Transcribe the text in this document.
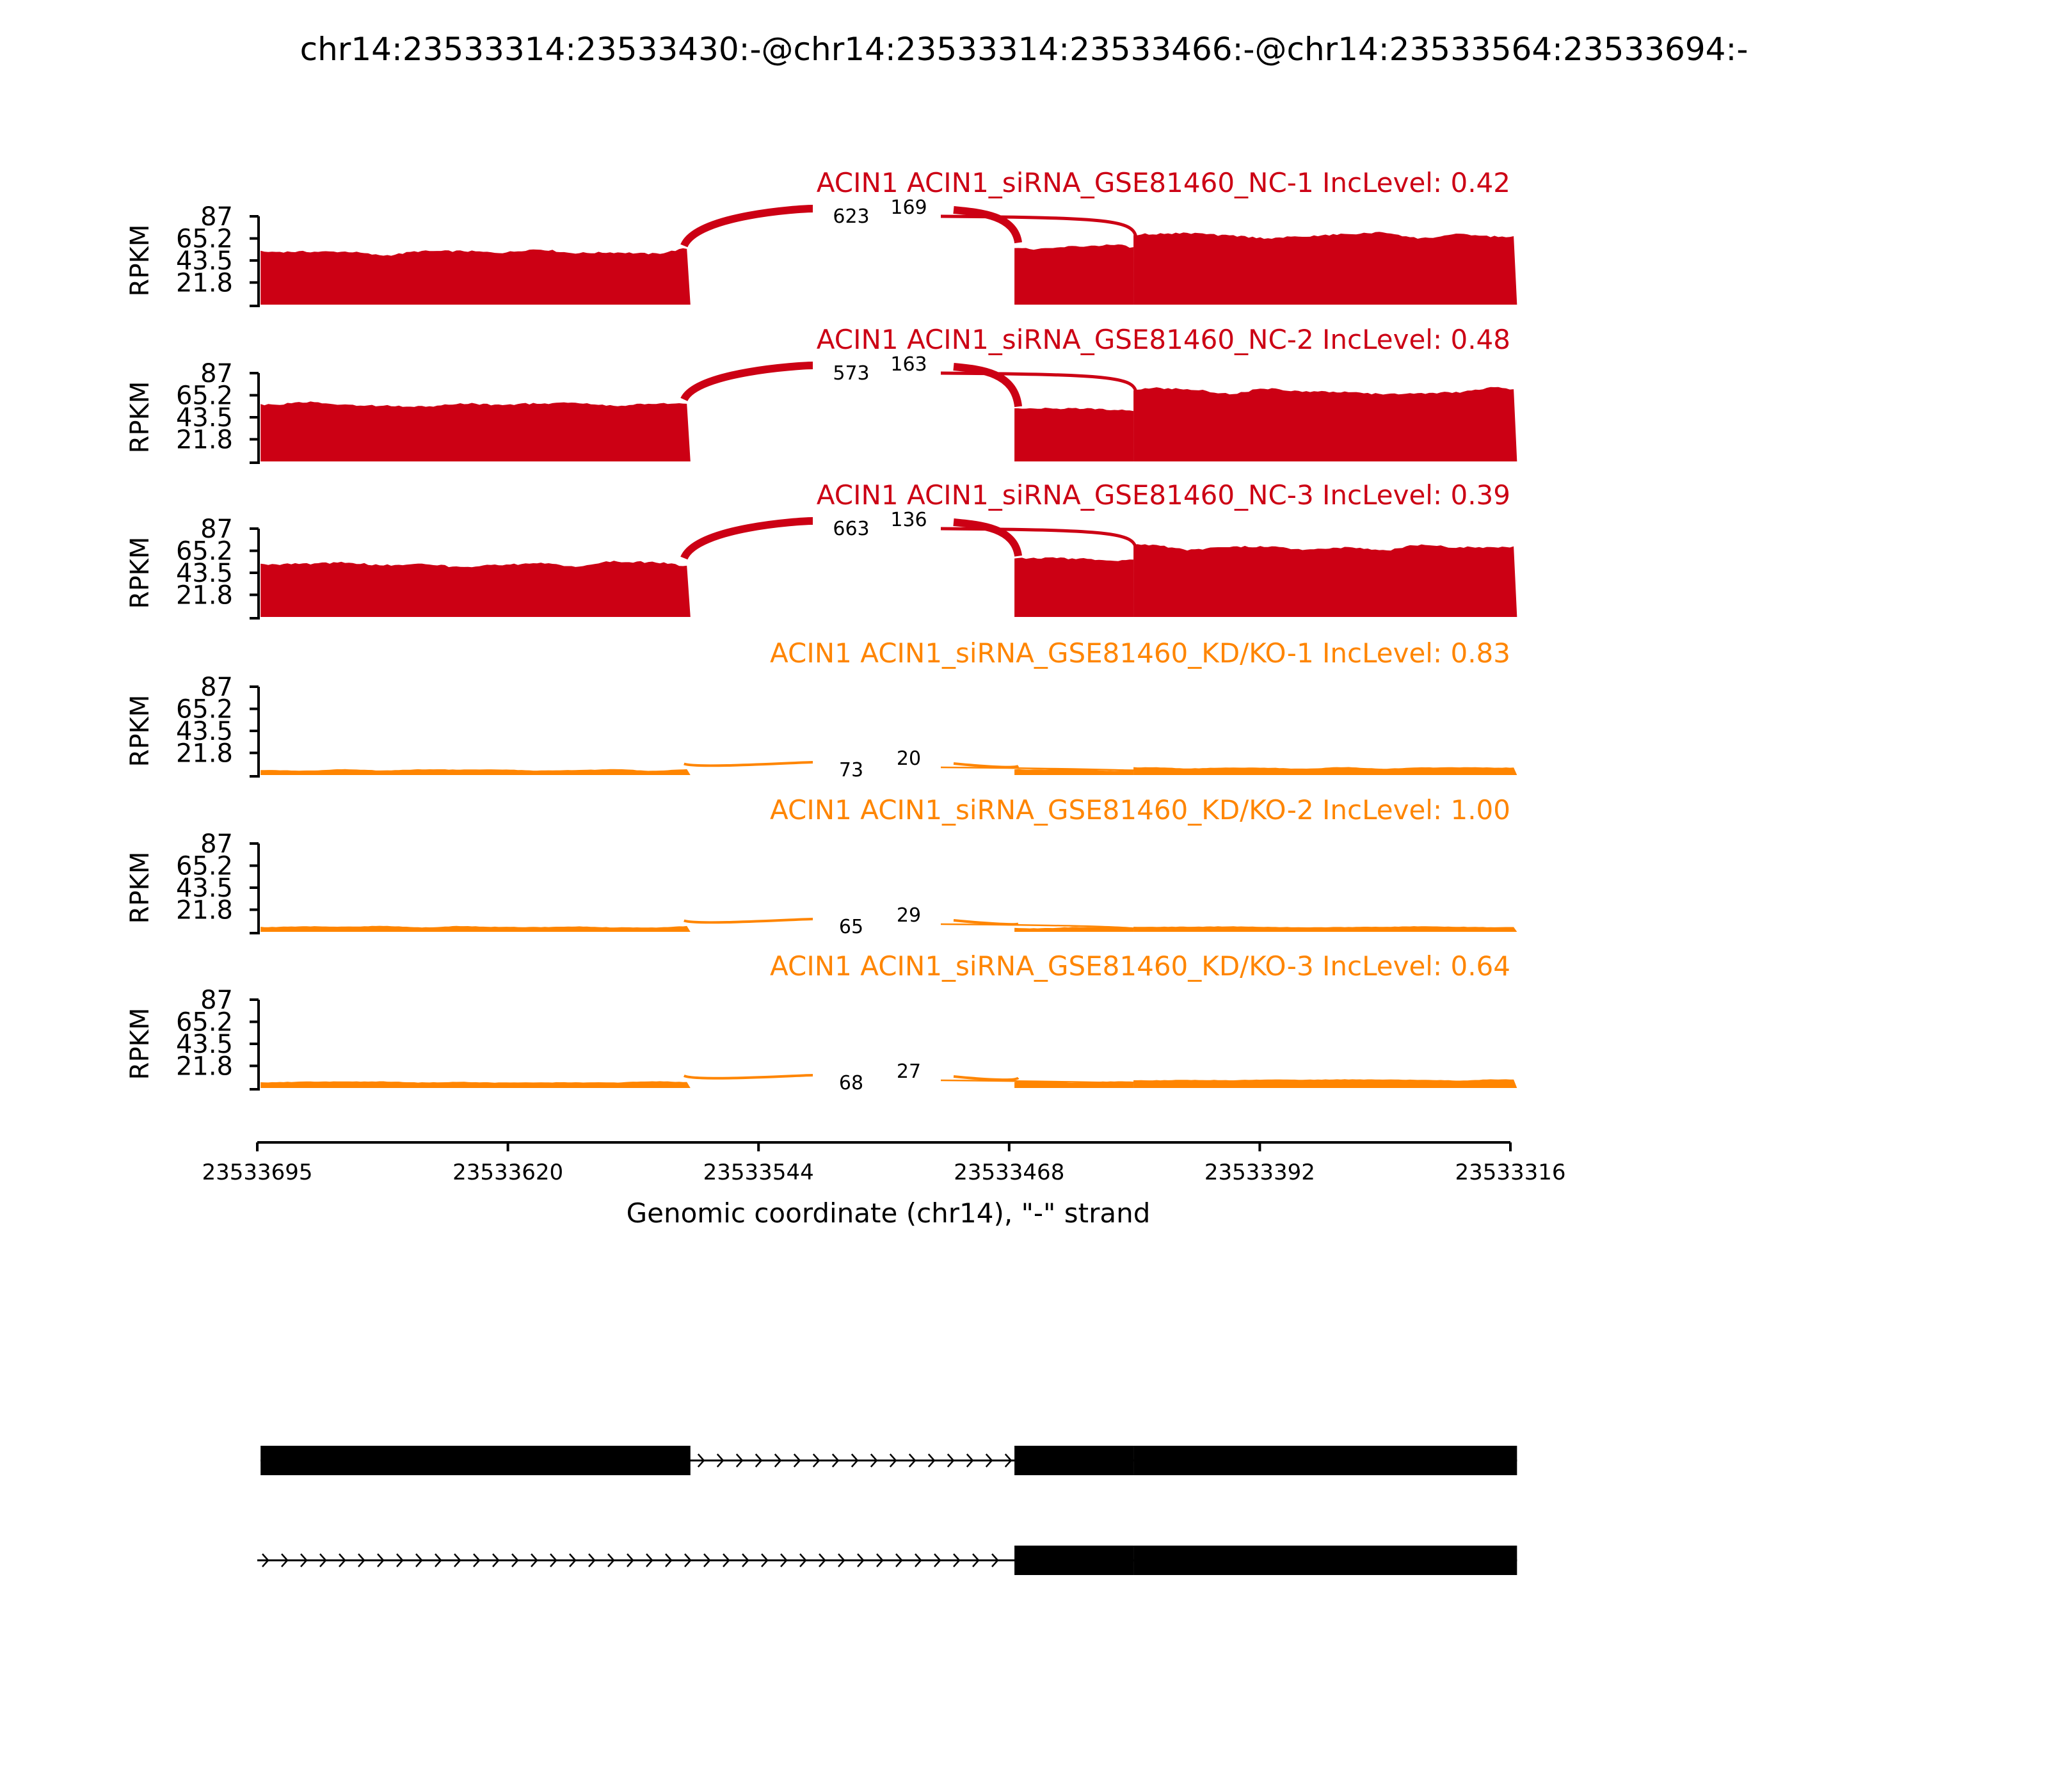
chr14:23533314:23533430:-@chr14:23533314:23533466:-@chr14:23533564:23533694:-
ACIN1 ACIN1_siRNA_GSE81460_NC-1 IncLevel: 0.42
RPKM
87
65.2
43.5
21.8
623 169
ACIN1 ACIN1_siRNA_GSE81460_NC-2 IncLevel: 0.48
RPKM
87
65.2
43.5
21.8
573 163
ACIN1 ACIN1_siRNA_GSE81460_NC-3 IncLevel: 0.39
RPKM
87
65.2
43.5
21.8
663 136
ACIN1 ACIN1_siRNA_GSE81460_KD/KO-1 IncLevel: 0.83
RPKM
87
65.2
43.5
21.8
73
20
ACIN1 ACIN1_siRNA_GSE81460_KD/KO-2 IncLevel: 1.00
RPKM
87
65.2
43.5
21.8
65
29
ACIN1 ACIN1_siRNA_GSE81460_KD/KO-3 IncLevel: 0.64
RPKM
87
65.2
43.5
21.8
68
27
23533695	23533620	23533544	23533468	23533392	23533316
Genomic coordinate (chr14), "-" strand
